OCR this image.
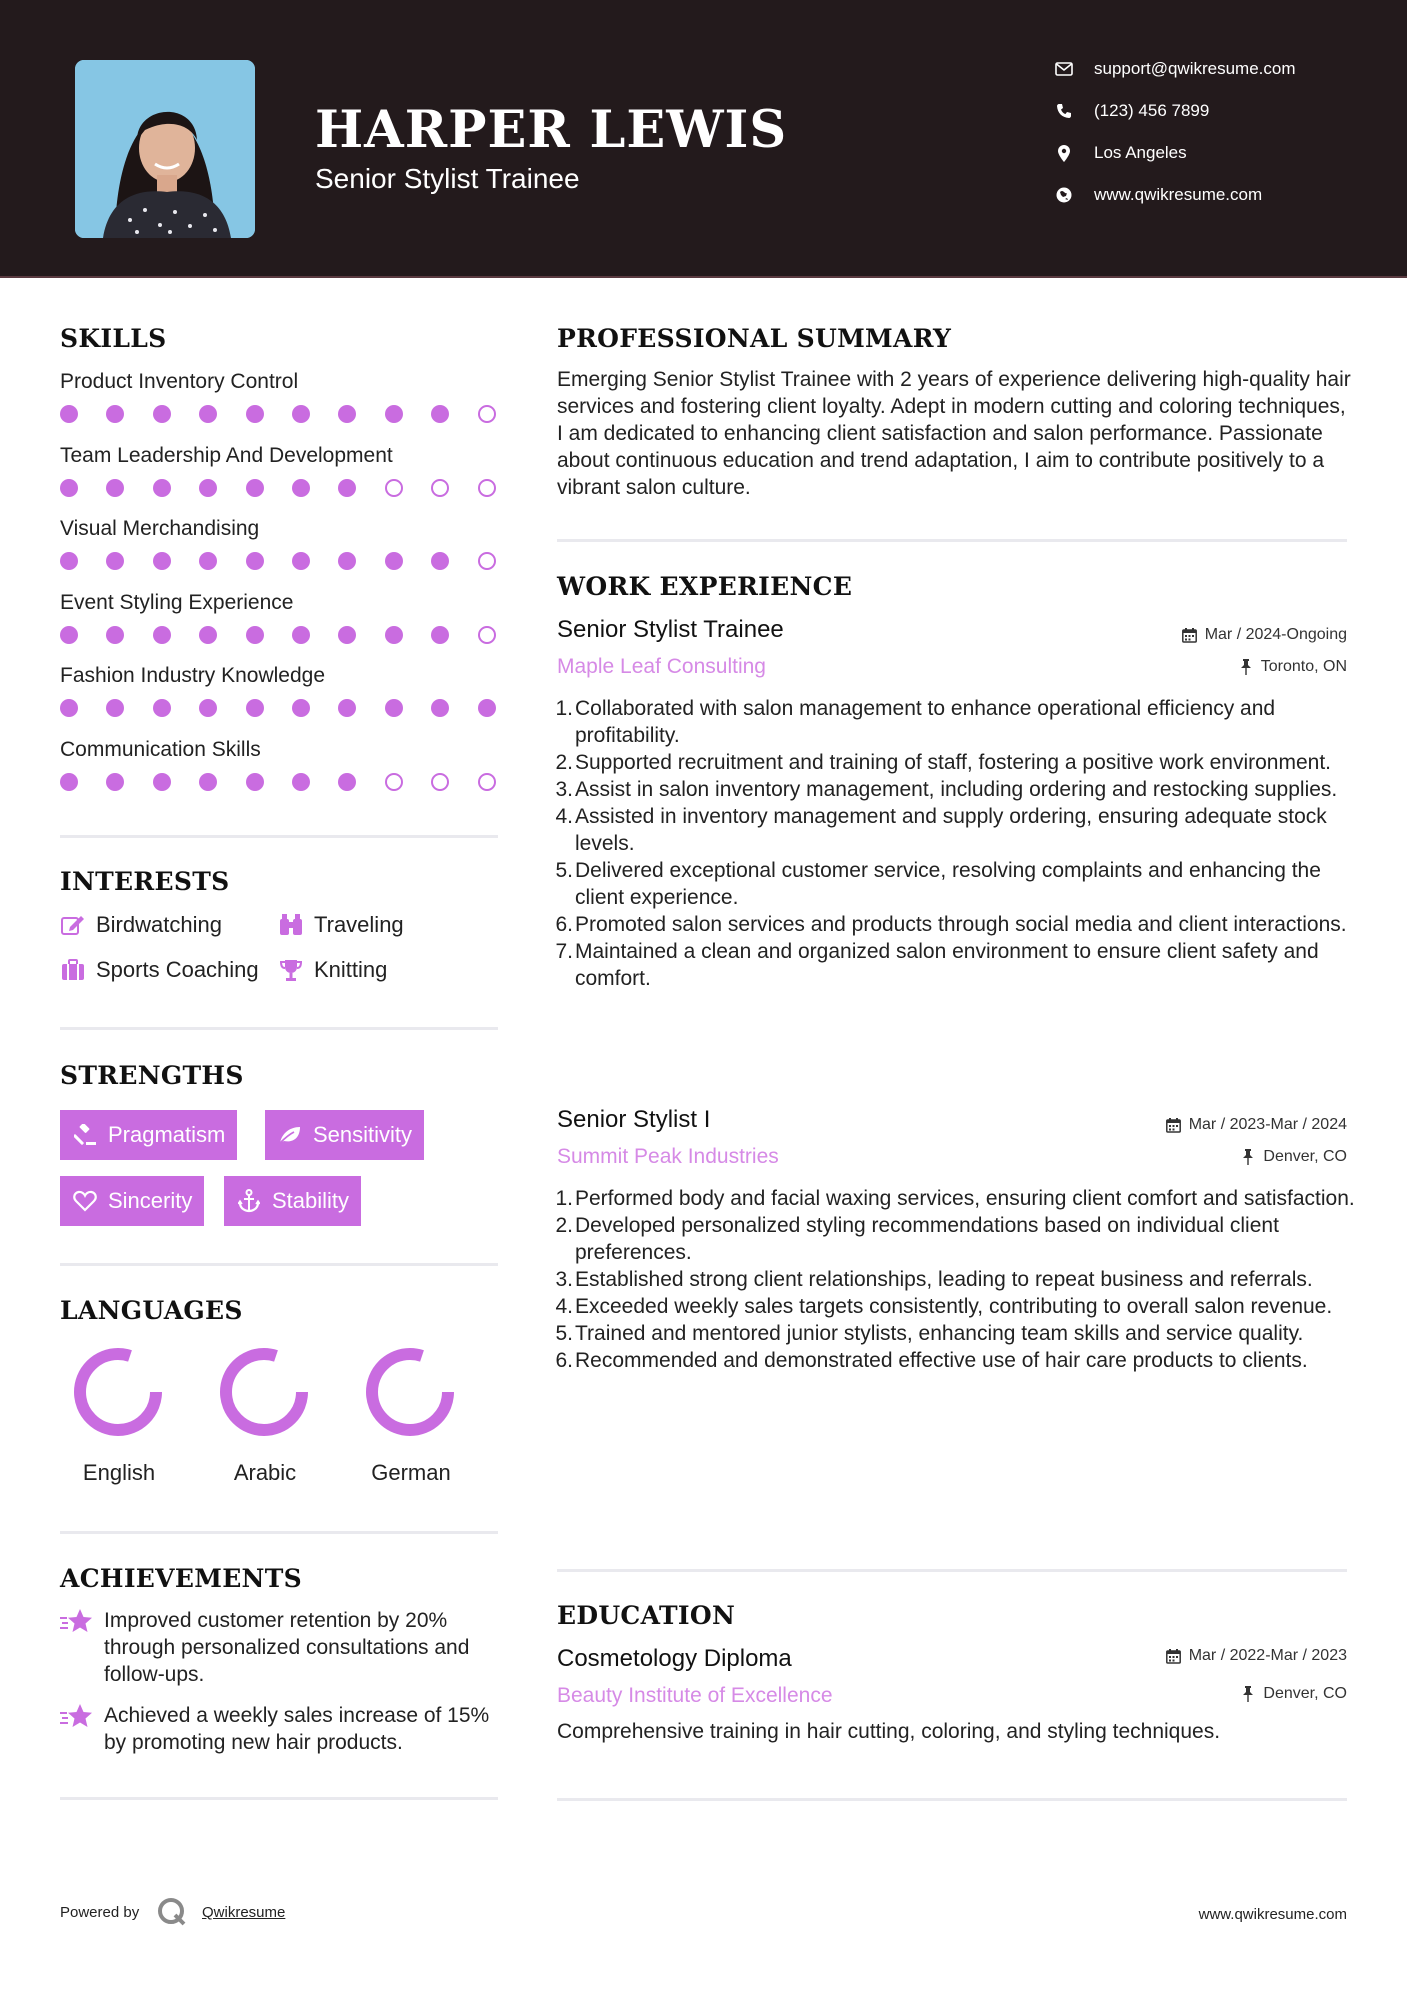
HARPER LEWIS
Senior Stylist Trainee
support@qwikresume.com
(123) 456 7899
Los Angeles
www.qwikresume.com
SKILLS
Product Inventory Control
Team Leadership And Development
Visual Merchandising
Event Styling Experience
Fashion Industry Knowledge
Communication Skills
INTERESTS
Birdwatching	Traveling
Sports Coaching	Knitting
STRENGTHS
Pragmatism	Sensitivity
Sincerity	Stability
LANGUAGES
English	Arabic	German
ACHIEVEMENTS
Improved customer retention by 20% through personalized consultations and follow-ups.
Achieved a weekly sales increase of 15% by promoting new hair products.
PROFESSIONAL SUMMARY
Emerging Senior Stylist Trainee with 2 years of experience delivering high-quality hair services and fostering client loyalty. Adept in modern cutting and coloring techniques, I am dedicated to enhancing client satisfaction and salon performance. Passionate about continuous education and trend adaptation, I aim to contribute positively to a vibrant salon culture.
WORK EXPERIENCE
Senior Stylist Trainee
Maple Leaf Consulting
Mar / 2024-Ongoing
Toronto, ON
1. Collaborated with salon management to enhance operational efficiency and profitability.
2. Supported recruitment and training of staff, fostering a positive work environment.
3. Assist in salon inventory management, including ordering and restocking supplies.
4. Assisted in inventory management and supply ordering, ensuring adequate stock levels.
5. Delivered exceptional customer service, resolving complaints and enhancing the client experience.
6. Promoted salon services and products through social media and client interactions.
7. Maintained a clean and organized salon environment to ensure client safety and comfort.
Senior Stylist I
Summit Peak Industries
Mar / 2023-Mar / 2024
Denver, CO
1. Performed body and facial waxing services, ensuring client comfort and satisfaction.
2. Developed personalized styling recommendations based on individual client preferences.
3. Established strong client relationships, leading to repeat business and referrals.
4. Exceeded weekly sales targets consistently, contributing to overall salon revenue.
5. Trained and mentored junior stylists, enhancing team skills and service quality.
6. Recommended and demonstrated effective use of hair care products to clients.
EDUCATION
Cosmetology Diploma
Beauty Institute of Excellence
Mar / 2022-Mar / 2023
Denver, CO
Comprehensive training in hair cutting, coloring, and styling techniques.
Powered by	Qwikresume	www.qwikresume.com
